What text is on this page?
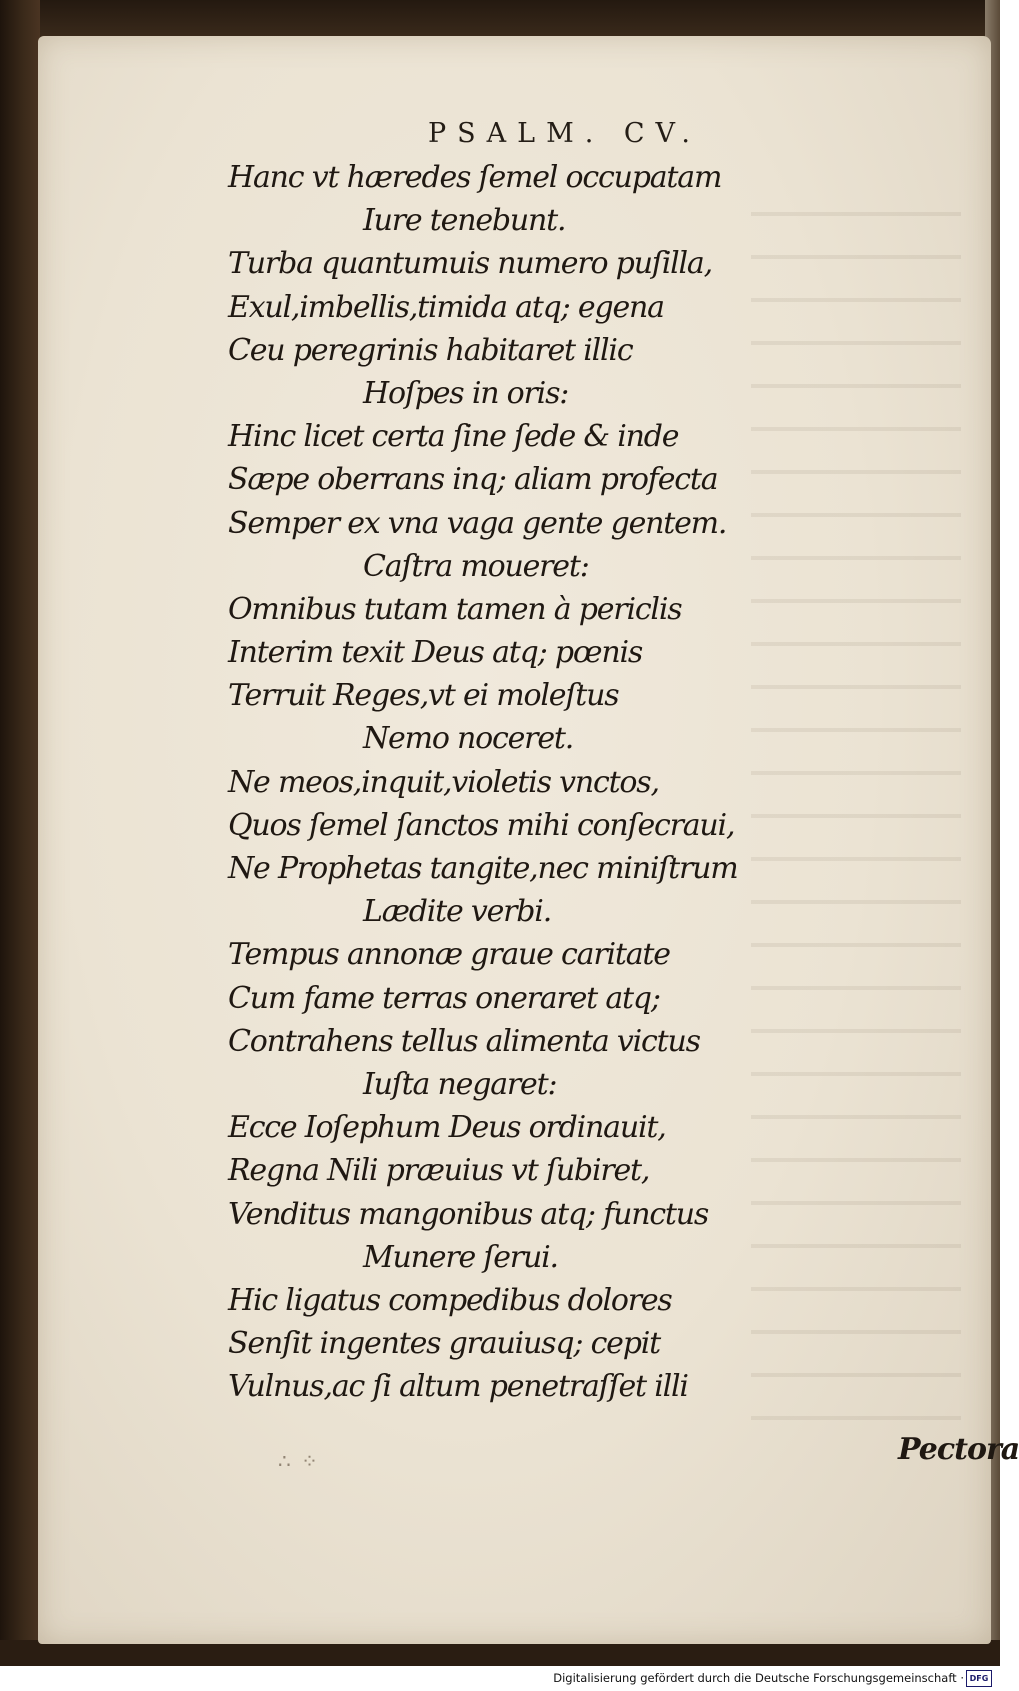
PSALM. CV.
Hanc vt hæredes ſemel occupatam
Iure tenebunt.
Turba quantumuis numero puſilla,
Exul,imbellis,timida atq; egena
Ceu peregrinis habitaret illic
Hoſpes in oris:
Hinc licet certa ſine ſede & inde
Sæpe oberrans inq; aliam profecta
Semper ex vna vaga gente gentem.
Caſtra moueret:
Omnibus tutam tamen à periclis
Interim texit Deus atq; pœnis
Terruit Reges,vt ei moleſtus
Nemo noceret.
Ne meos,inquit,violetis vnctos,
Quos ſemel ſanctos mihi conſecraui,
Ne Prophetas tangite,nec miniſtrum
Lædite verbi.
Tempus annonæ graue caritate
Cum fame terras oneraret atq;
Contrahens tellus alimenta victus
Iuſta negaret:
Ecce Ioſephum Deus ordinauit,
Regna Nili præuius vt ſubiret,
Venditus mangonibus atq; functus
Munere ſerui.
Hic ligatus compedibus dolores
Senſit ingentes grauiusq; cepit
Vulnus,ac ſi altum penetraſſet illi
∴ ⁘	Pectora
Digitalisierung gefördert durch die Deutsche Forschungsgemeinschaft · DFG
